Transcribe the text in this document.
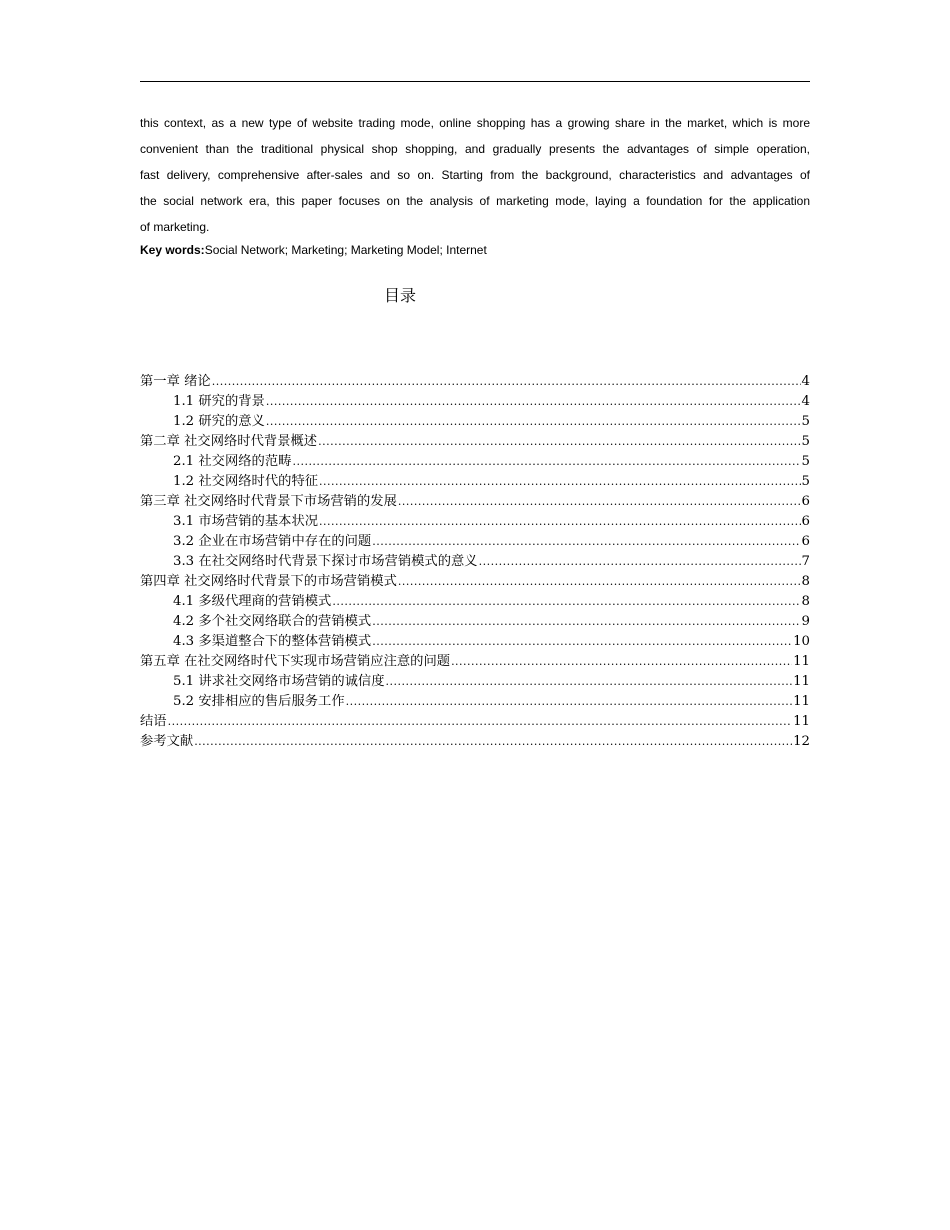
this context, as a new type of website trading mode, online shopping has a growing share in the market, which is more
convenient than the traditional physical shop shopping, and gradually presents the advantages of simple operation,
fast delivery, comprehensive after-sales and so on. Starting from the background, characteristics and advantages of
the social network era, this paper focuses on the analysis of marketing mode, laying a foundation for the application
of marketing.
Key words:Social Network; Marketing; Marketing Model; Internet
目录
第一章 绪论 .....	4
1.1 研究的背景 .....	4
1.2 研究的意义 .....	5
第二章 社交网络时代背景概述 .....	5
2.1 社交网络的范畴 .....	5
1.2 社交网络时代的特征 .....	5
第三章 社交网络时代背景下市场营销的发展 .....	6
3.1 市场营销的基本状况 .....	6
3.2 企业在市场营销中存在的问题 .....	6
3.3 在社交网络时代背景下探讨市场营销模式的意义 .....	7
第四章 社交网络时代背景下的市场营销模式 .....	8
4.1 多级代理商的营销模式 .....	8
4.2 多个社交网络联合的营销模式 .....	9
4.3 多渠道整合下的整体营销模式 .....	10
第五章 在社交网络时代下实现市场营销应注意的问题 .....	11
5.1 讲求社交网络市场营销的诚信度 .....	11
5.2 安排相应的售后服务工作 .....	11
结语 .....	11
参考文献 .....	12
